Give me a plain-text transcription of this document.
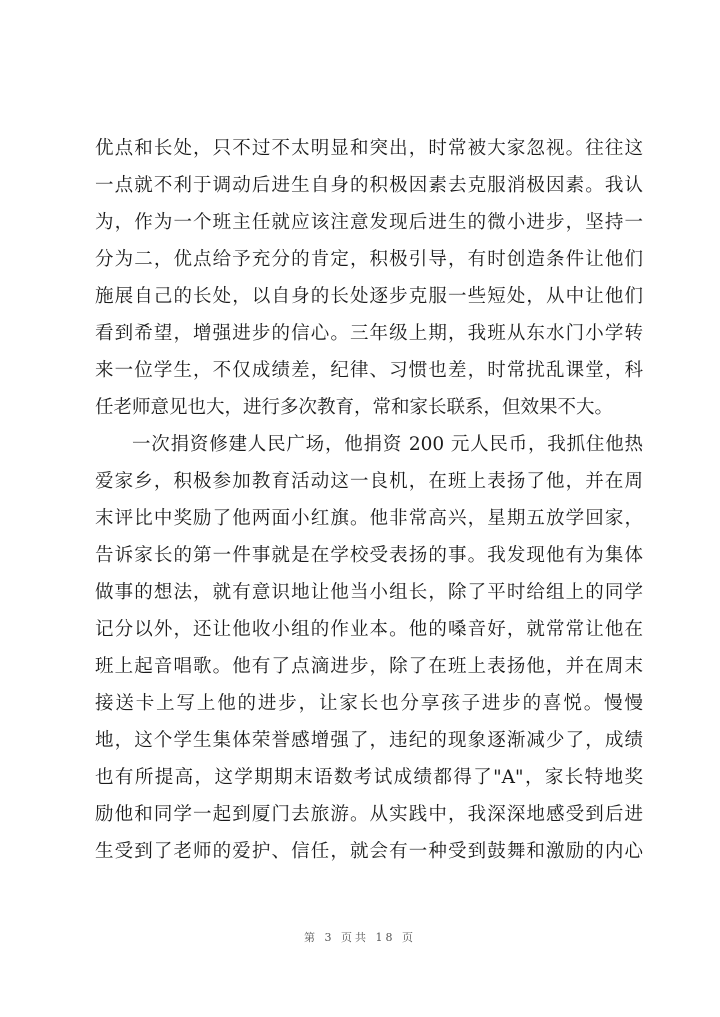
优点和长处，只不过不太明显和突出，时常被大家忽视。往往这
一点就不利于调动后进生自身的积极因素去克服消极因素。我认
为，作为一个班主任就应该注意发现后进生的微小进步，坚持一
分为二，优点给予充分的肯定，积极引导，有时创造条件让他们
施展自己的长处，以自身的长处逐步克服一些短处，从中让他们
看到希望，增强进步的信心。三年级上期，我班从东水门小学转
来一位学生，不仅成绩差，纪律、习惯也差，时常扰乱课堂，科
任老师意见也大，进行多次教育，常和家长联系，但效果不大。
一次捐资修建人民广场，他捐资 200 元人民币，我抓住他热
爱家乡，积极参加教育活动这一良机，在班上表扬了他，并在周
末评比中奖励了他两面小红旗。他非常高兴，星期五放学回家，
告诉家长的第一件事就是在学校受表扬的事。我发现他有为集体
做事的想法，就有意识地让他当小组长，除了平时给组上的同学
记分以外，还让他收小组的作业本。他的嗓音好，就常常让他在
班上起音唱歌。他有了点滴进步，除了在班上表扬他，并在周末
接送卡上写上他的进步，让家长也分享孩子进步的喜悦。慢慢
地，这个学生集体荣誉感增强了，违纪的现象逐渐减少了，成绩
也有所提高，这学期期末语数考试成绩都得了"A"，家长特地奖
励他和同学一起到厦门去旅游。从实践中，我深深地感受到后进
生受到了老师的爱护、信任，就会有一种受到鼓舞和激励的内心
第 3 页共 18 页
